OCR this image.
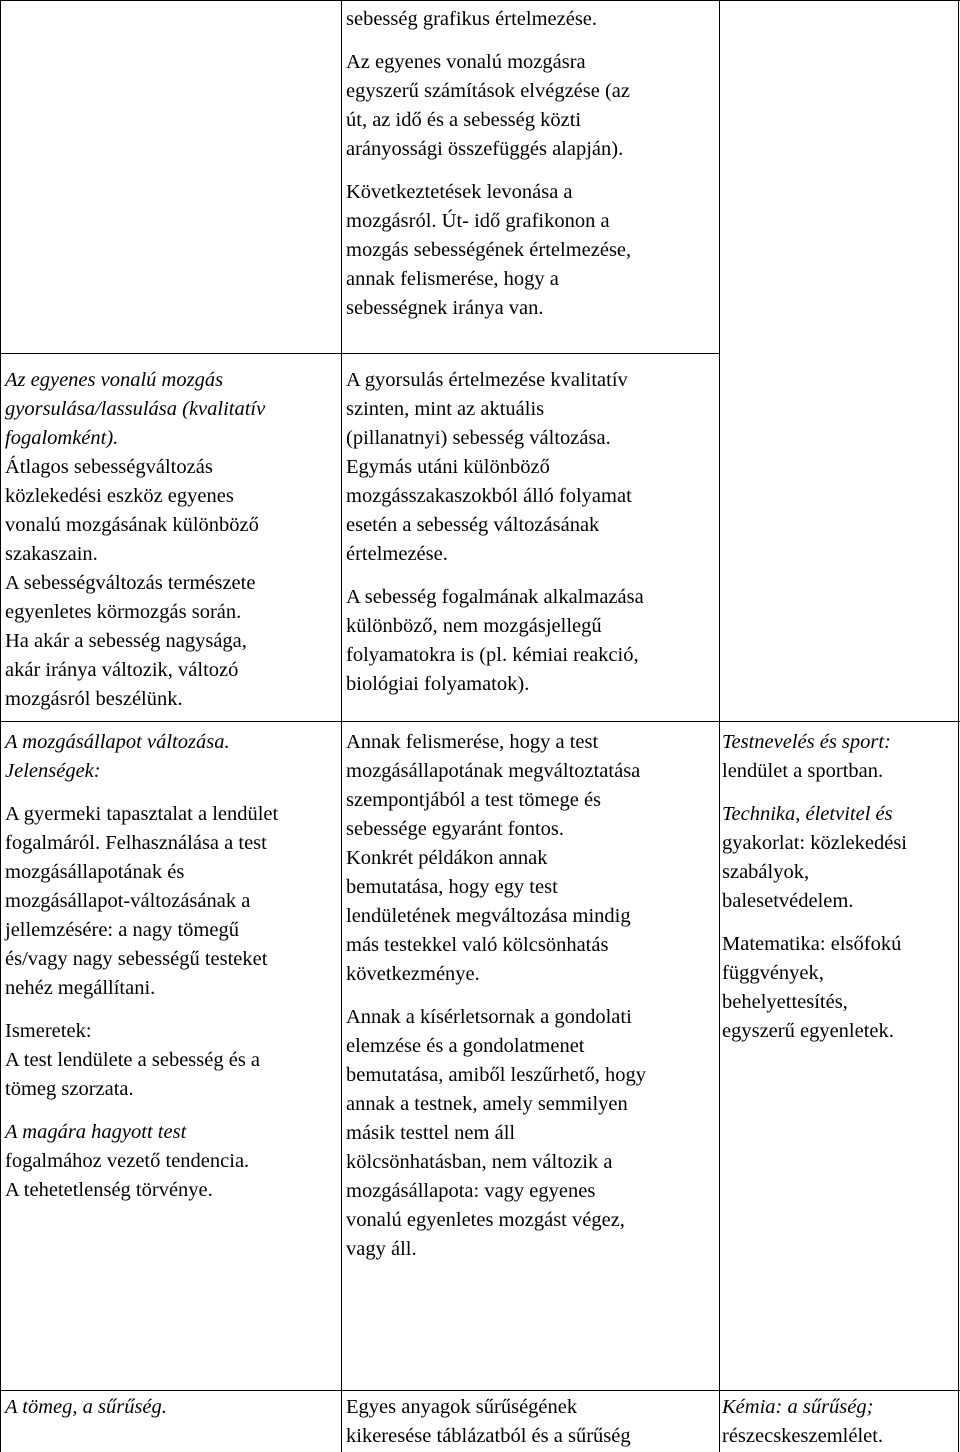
sebesség grafikus értelmezése.

Az egyenes vonalú mozgásra

egyszerű számítások elvégzése (az

út, az idő és a sebesség közti

arányossági összefüggés alapján).

Következtetések levonása a

mozgásról. Út- idő grafikonon a

mozgás sebességének értelmezése,

annak felismerése, hogy a

sebességnek iránya van.

Az egyenes vonalú mozgás

gyorsulása/lassulása (kvalitatív

fogalomként).

Átlagos sebességváltozás

közlekedési eszköz egyenes

vonalú mozgásának különböző

szakaszain.

A sebességváltozás természete

egyenletes körmozgás során.

Ha akár a sebesség nagysága,

akár iránya változik, változó

mozgásról beszélünk.

A gyorsulás értelmezése kvalitatív

szinten, mint az aktuális

(pillanatnyi) sebesség változása.

Egymás utáni különböző

mozgásszakaszokból álló folyamat

esetén a sebesség változásának

értelmezése.

A sebesség fogalmának alkalmazása

különböző, nem mozgásjellegű

folyamatokra is (pl. kémiai reakció,

biológiai folyamatok).

A mozgásállapot változása.

Jelenségek:

A gyermeki tapasztalat a lendület

fogalmáról. Felhasználása a test

mozgásállapotának és

mozgásállapot-változásának a

jellemzésére: a nagy tömegű

és/vagy nagy sebességű testeket

nehéz megállítani.

Ismeretek:

A test lendülete a sebesség és a

tömeg szorzata.

A magára hagyott test

fogalmához vezető tendencia.

A tehetetlenség törvénye.

Annak felismerése, hogy a test

mozgásállapotának megváltoztatása

szempontjából a test tömege és

sebessége egyaránt fontos.

Konkrét példákon annak

bemutatása, hogy egy test

lendületének megváltozása mindig

más testekkel való kölcsönhatás

következménye.

Annak a kísérletsornak a gondolati

elemzése és a gondolatmenet

bemutatása, amiből leszűrhető, hogy

annak a testnek, amely semmilyen

másik testtel nem áll

kölcsönhatásban, nem változik a

mozgásállapota: vagy egyenes

vonalú egyenletes mozgást végez,

vagy áll.

Testnevelés és sport:

lendület a sportban.

Technika, életvitel és

gyakorlat: közlekedési

szabályok,

balesetvédelem.

Matematika: elsőfokú

függvények,

behelyettesítés,

egyszerű egyenletek.

A tömeg, a sűrűség.	Egyes anyagok sűrűségének

kikeresése táblázatból és a sűrűség

Kémia: a sűrűség;

részecskeszemlélet.
